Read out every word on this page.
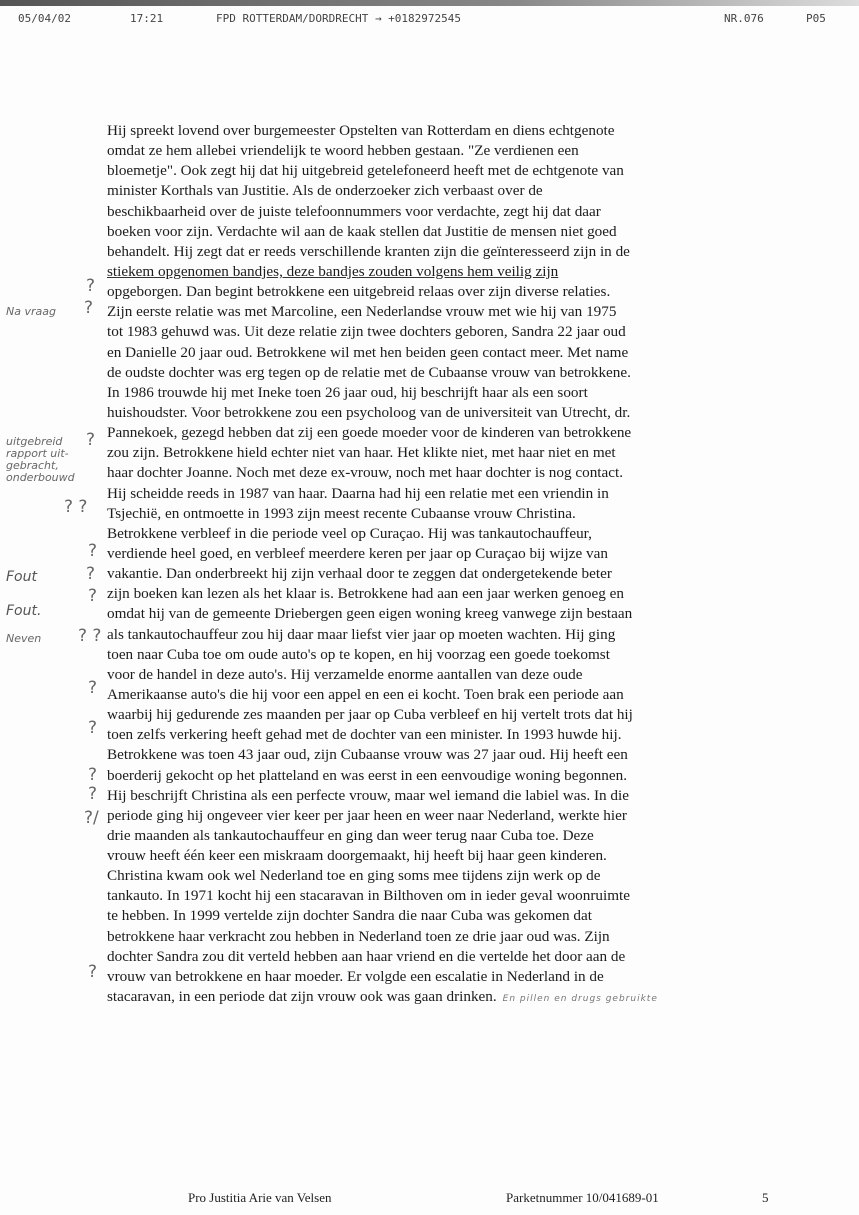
05/04/02	17:21	FPD ROTTERDAM/DORDRECHT → +0182972545	NR.076	P05
Hij spreekt lovend over burgemeester Opstelten van Rotterdam en diens echtgenote
omdat ze hem allebei vriendelijk te woord hebben gestaan. "Ze verdienen een
bloemetje". Ook zegt hij dat hij uitgebreid getelefoneerd heeft met de echtgenote van
minister Korthals van Justitie. Als de onderzoeker zich verbaast over de
beschikbaarheid over de juiste telefoonnummers voor verdachte, zegt hij dat daar
boeken voor zijn. Verdachte wil aan de kaak stellen dat Justitie de mensen niet goed
behandelt. Hij zegt dat er reeds verschillende kranten zijn die geïnteresseerd zijn in de
stiekem opgenomen bandjes, deze bandjes zouden volgens hem veilig zijn
opgeborgen. Dan begint betrokkene een uitgebreid relaas over zijn diverse relaties.
Zijn eerste relatie was met Marcoline, een Nederlandse vrouw met wie hij van 1975
tot 1983 gehuwd was. Uit deze relatie zijn twee dochters geboren, Sandra 22 jaar oud
en Danielle 20 jaar oud. Betrokkene wil met hen beiden geen contact meer. Met name
de oudste dochter was erg tegen op de relatie met de Cubaanse vrouw van betrokkene.
In 1986 trouwde hij met Ineke toen 26 jaar oud, hij beschrijft haar als een soort
huishoudster. Voor betrokkene zou een psycholoog van de universiteit van Utrecht, dr.
Pannekoek, gezegd hebben dat zij een goede moeder voor de kinderen van betrokkene
zou zijn. Betrokkene hield echter niet van haar. Het klikte niet, met haar niet en met
haar dochter Joanne. Noch met deze ex-vrouw, noch met haar dochter is nog contact.
Hij scheidde reeds in 1987 van haar. Daarna had hij een relatie met een vriendin in
Tsjechië, en ontmoette in 1993 zijn meest recente Cubaanse vrouw Christina.
Betrokkene verbleef in die periode veel op Curaçao. Hij was tankautochauffeur,
verdiende heel goed, en verbleef meerdere keren per jaar op Curaçao bij wijze van
vakantie. Dan onderbreekt hij zijn verhaal door te zeggen dat ondergetekende beter
zijn boeken kan lezen als het klaar is. Betrokkene had aan een jaar werken genoeg en
omdat hij van de gemeente Driebergen geen eigen woning kreeg vanwege zijn bestaan
als tankautochauffeur zou hij daar maar liefst vier jaar op moeten wachten. Hij ging
toen naar Cuba toe om oude auto's op te kopen, en hij voorzag een goede toekomst
voor de handel in deze auto's. Hij verzamelde enorme aantallen van deze oude
Amerikaanse auto's die hij voor een appel en een ei kocht. Toen brak een periode aan
waarbij hij gedurende zes maanden per jaar op Cuba verbleef en hij vertelt trots dat hij
toen zelfs verkering heeft gehad met de dochter van een minister. In 1993 huwde hij.
Betrokkene was toen 43 jaar oud, zijn Cubaanse vrouw was 27 jaar oud. Hij heeft een
boerderij gekocht op het platteland en was eerst in een eenvoudige woning begonnen.
Hij beschrijft Christina als een perfecte vrouw, maar wel iemand die labiel was. In die
periode ging hij ongeveer vier keer per jaar heen en weer naar Nederland, werkte hier
drie maanden als tankautochauffeur en ging dan weer terug naar Cuba toe. Deze
vrouw heeft één keer een miskraam doorgemaakt, hij heeft bij haar geen kinderen.
Christina kwam ook wel Nederland toe en ging soms mee tijdens zijn werk op de
tankauto. In 1971 kocht hij een stacaravan in Bilthoven om in ieder geval woonruimte
te hebben. In 1999 vertelde zijn dochter Sandra die naar Cuba was gekomen dat
betrokkene haar verkracht zou hebben in Nederland toen ze drie jaar oud was. Zijn
dochter Sandra zou dit verteld hebben aan haar vriend en die vertelde het door aan de
vrouw van betrokkene en haar moeder. Er volgde een escalatie in Nederland in de
stacaravan, in een periode dat zijn vrouw ook was gaan drinken. En pillen en drugs gebruikte
?
Na vraag ?
uitgebreid ?
rapport uit-
gebracht,
onderbouwd
? ?
?
Fout	?
?
Fout.
Neven ? ?
?
?
?
?
?/
?
Pro Justitia Arie van Velsen	Parketnummer 10/041689-01	5
